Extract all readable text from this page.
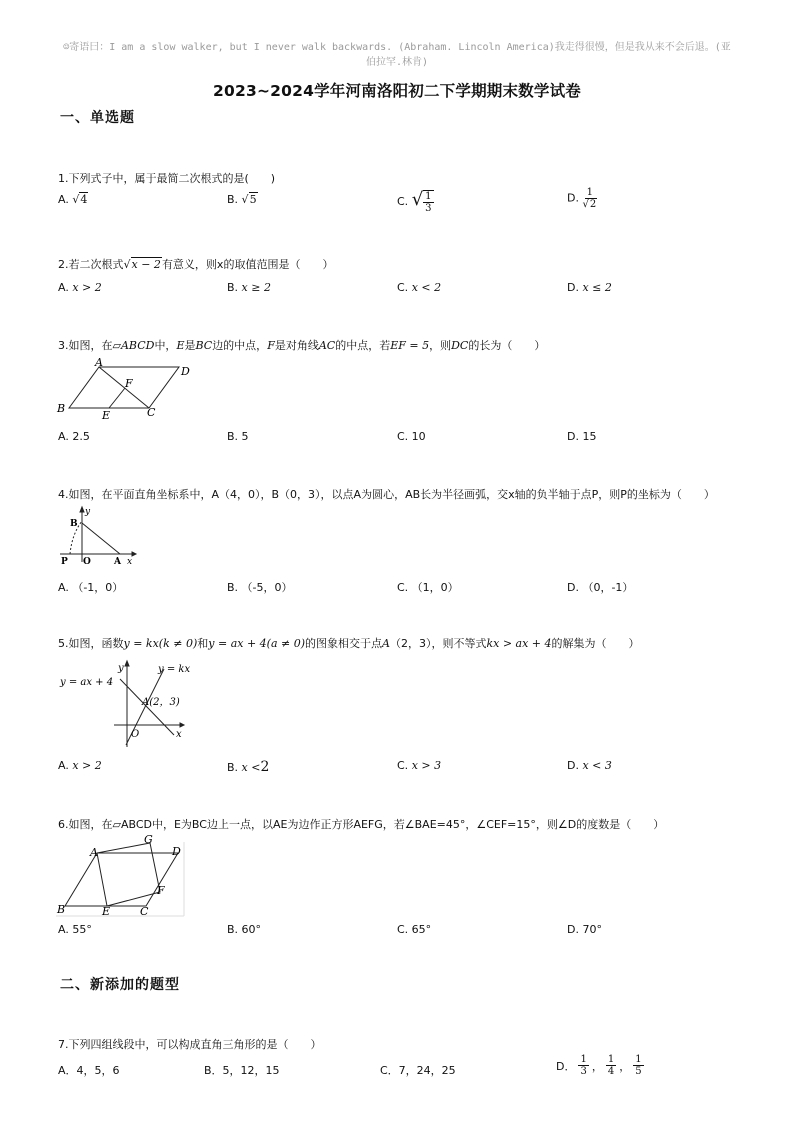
☺寄语曰：I am a slow walker, but I never walk backwards. (Abraham. Lincoln America)我走得很慢，但是我从来不会后退。(亚
伯拉罕.林肯)
2023~2024学年河南洛阳初二下学期期末数学试卷
一、单选题
1.下列式子中，属于最简二次根式的是(　　)
A. √4	B. √5	C. √ $\frac{1}{3}$	D. $\frac{1}{√2}$
2.若二次根式√x − 2有意义，则x的取值范围是（　　）
A. x > 2	B. x ≥ 2	C. x < 2	D. x ≤ 2
3.如图，在▱ABCD中，E是BC边的中点，F是对角线AC的中点，若EF = 5，则DC的长为（　　）
A
B	C
D
E
F
A. 2.5	B. 5	C. 10	D. 15
4.如图，在平面直角坐标系中，A（4，0），B（0，3），以点A为圆心，AB长为半径画弧，交x轴的负半轴于点P，则P的坐标为（　　）
B
y
P O	A x
A. （-1，0）	B. （-5，0）	C. （1，0）	D. （0，-1）
5.如图，函数y = kx(k ≠ 0)和y = ax + 4(a ≠ 0)的图象相交于点A（2，3），则不等式kx > ax + 4的解集为（　　）
y = ax + 4
y = kx
y
A(2，3)
O	x
A. x > 2	B. x <2	C. x > 3	D. x < 3
6.如图，在▱ABCD中，E为BC边上一点，以AE为边作正方形AEFG，若∠BAE=45°，∠CEF=15°，则∠D的度数是（　　）
A
G
D
F
B	E	C
A. 55°	B. 60°	C. 65°	D. 70°
二、新添加的题型
7.下列四组线段中，可以构成直角三角形的是（　　）
A．4，5，6	B．5，12，15	C．7，24，25	D． $\frac{1}{3}$ ， $\frac{1}{4}$ ， $\frac{1}{5}$
